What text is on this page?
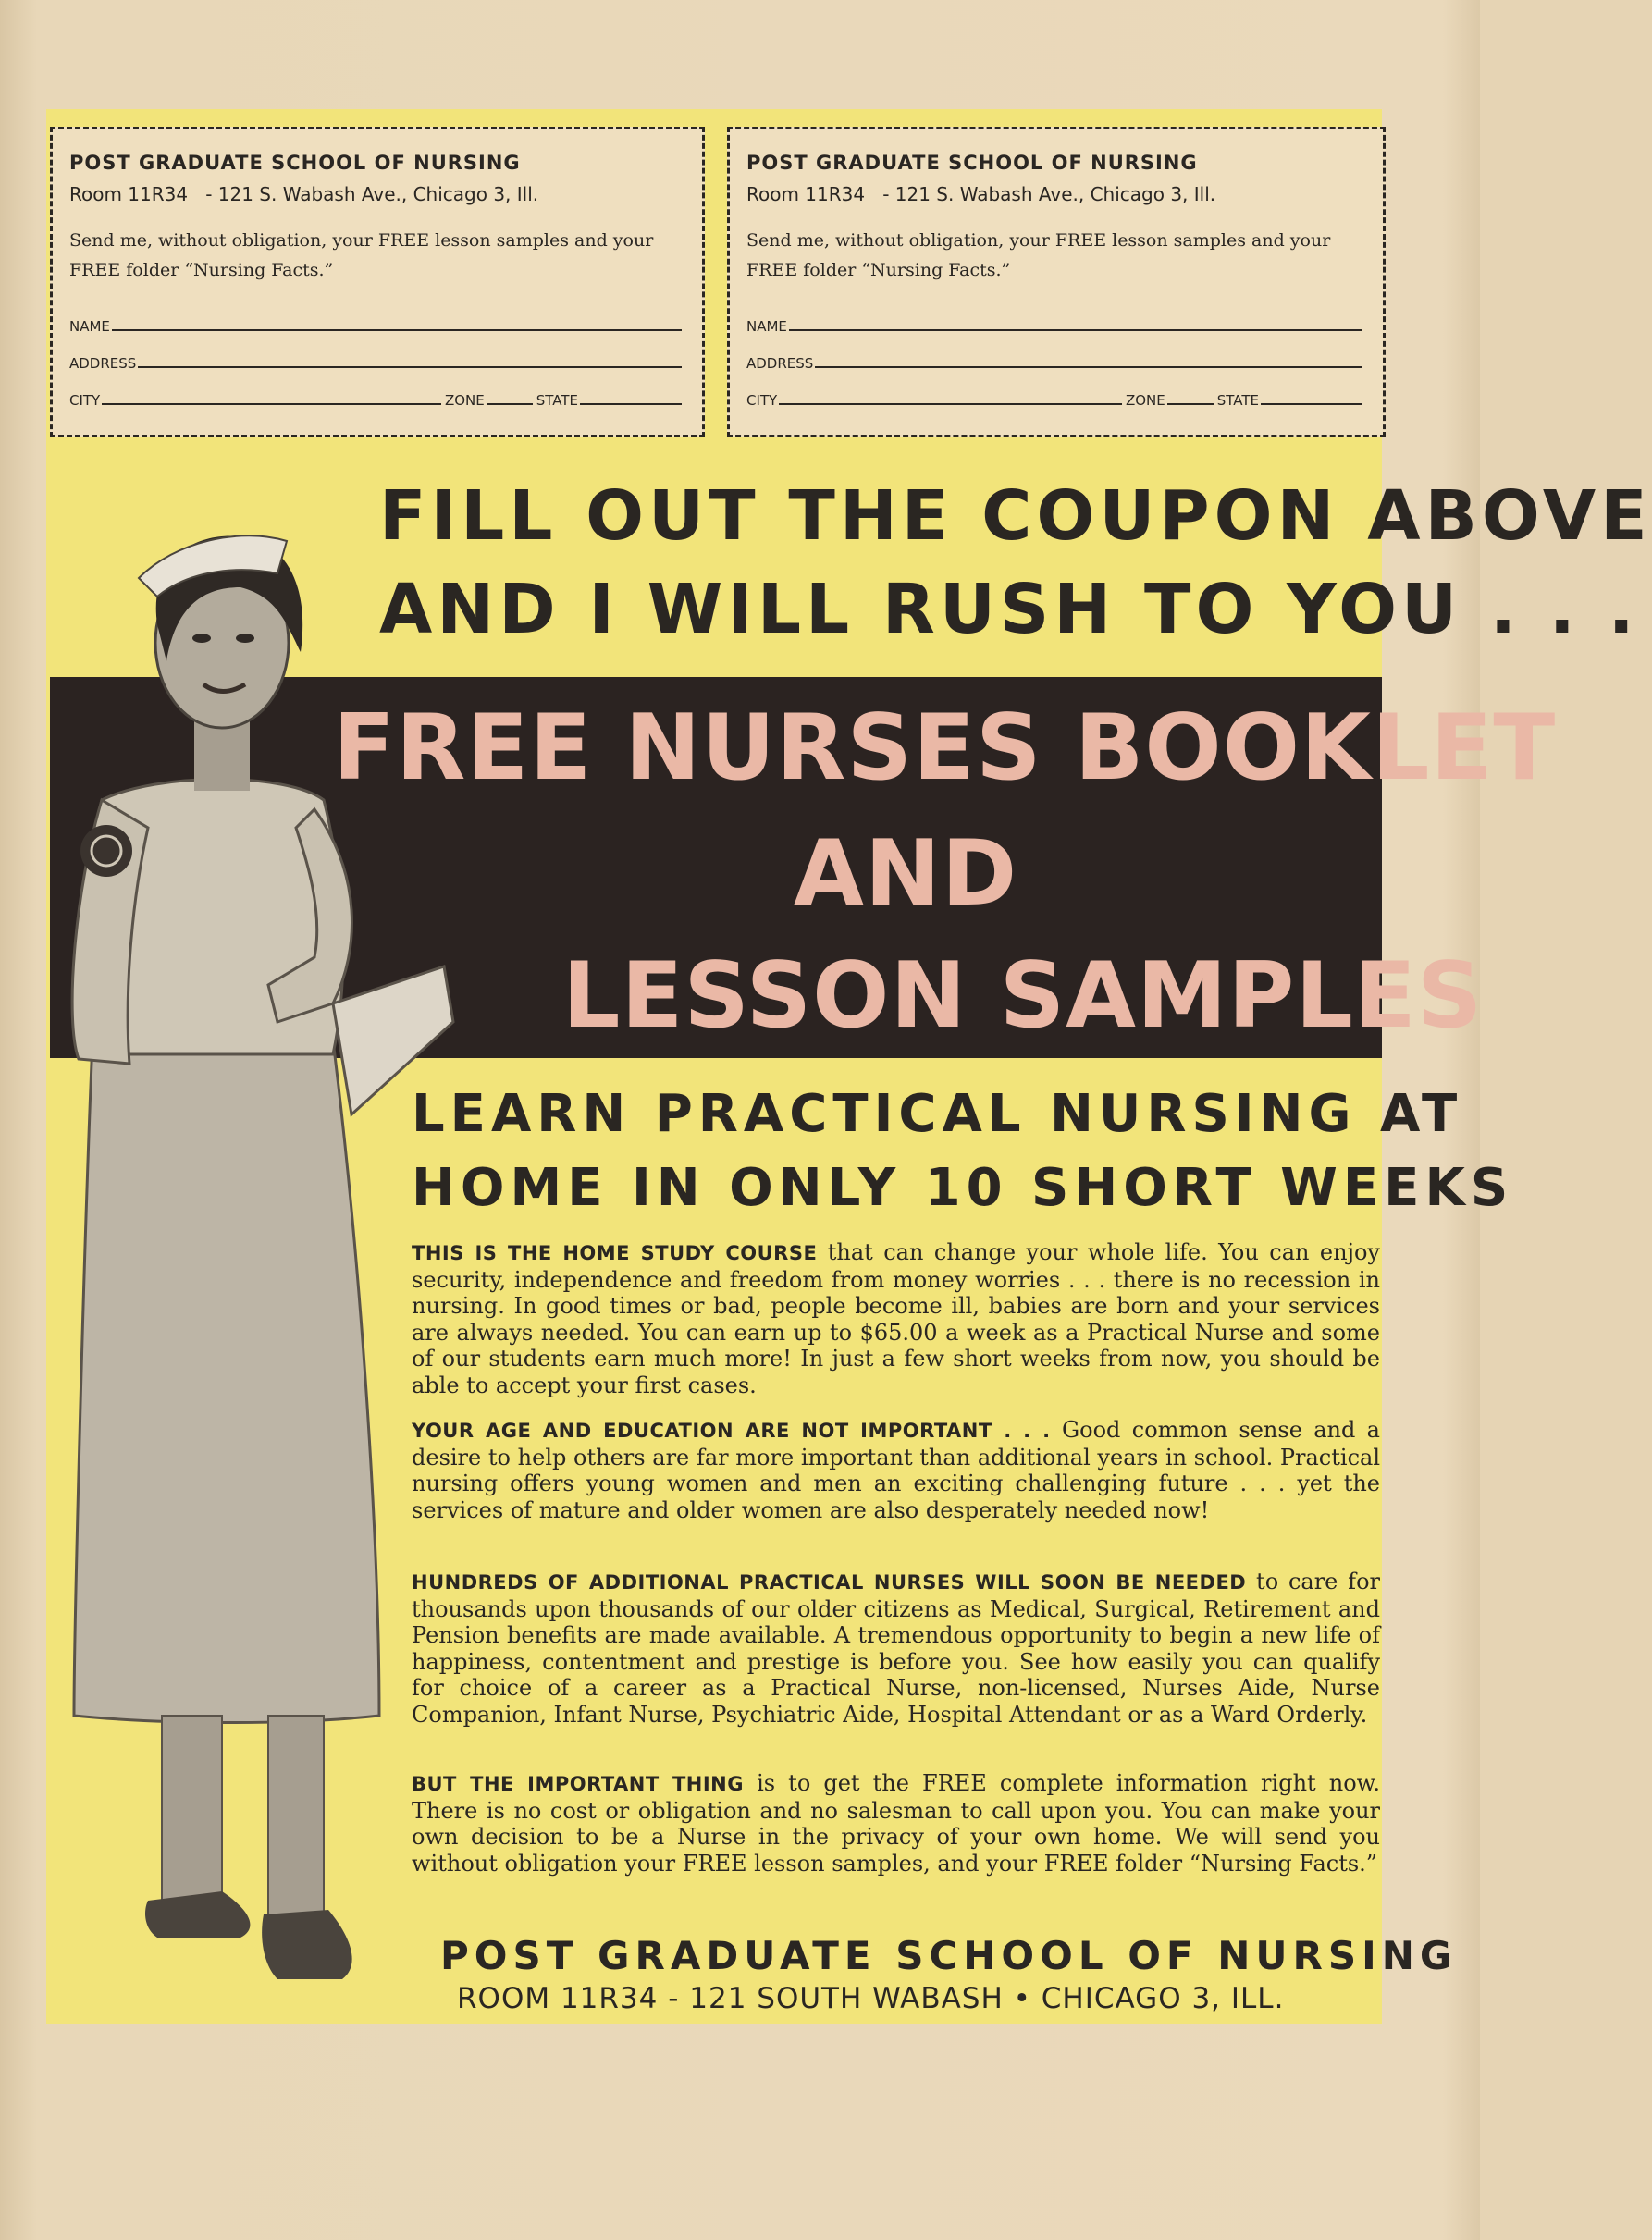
POST GRADUATE SCHOOL OF NURSING

Room 11R34 - 121 S. Wabash Ave., Chicago 3, Ill.

Send me, without obligation, your FREE lesson samples and your FREE folder “Nursing Facts.”

NAME
ADDRESS
CITY	ZONE	STATE

POST GRADUATE SCHOOL OF NURSING

Room 11R34 - 121 S. Wabash Ave., Chicago 3, Ill.

Send me, without obligation, your FREE lesson samples and your FREE folder “Nursing Facts.”

NAME
ADDRESS
CITY	ZONE	STATE
FILL OUT THE COUPON ABOVE
AND I WILL RUSH TO YOU . . .
FREE NURSES BOOKLET
AND
LESSON SAMPLES
LEARN PRACTICAL NURSING AT
HOME IN ONLY 10 SHORT WEEKS

THIS IS THE HOME STUDY COURSE that can change your whole life. You can enjoy security, independence and freedom from money worries . . . there is no recession in nursing. In good times or bad, people become ill, babies are born and your services are always needed. You can earn up to $65.00 a week as a Practical Nurse and some of our students earn much more! In just a few short weeks from now, you should be able to accept your first cases.

YOUR AGE AND EDUCATION ARE NOT IMPORTANT . . . Good common sense and a desire to help others are far more important than additional years in school. Practical nursing offers young women and men an exciting challenging future . . . yet the services of mature and older women are also desperately needed now!

HUNDREDS OF ADDITIONAL PRACTICAL NURSES WILL SOON BE NEEDED to care for thousands upon thousands of our older citizens as Medical, Surgical, Retirement and Pension benefits are made available. A tremendous opportunity to begin a new life of happiness, contentment and prestige is before you. See how easily you can qualify for choice of a career as a Practical Nurse, non-licensed, Nurses Aide, Nurse Companion, Infant Nurse, Psychiatric Aide, Hospital Attendant or as a Ward Orderly.

BUT THE IMPORTANT THING is to get the FREE complete information right now. There is no cost or obligation and no salesman to call upon you. You can make your own decision to be a Nurse in the privacy of your own home. We will send you without obligation your FREE lesson samples, and your FREE folder “Nursing Facts.”

POST GRADUATE SCHOOL OF NURSING
ROOM 11R34 - 121 SOUTH WABASH • CHICAGO 3, ILL.
